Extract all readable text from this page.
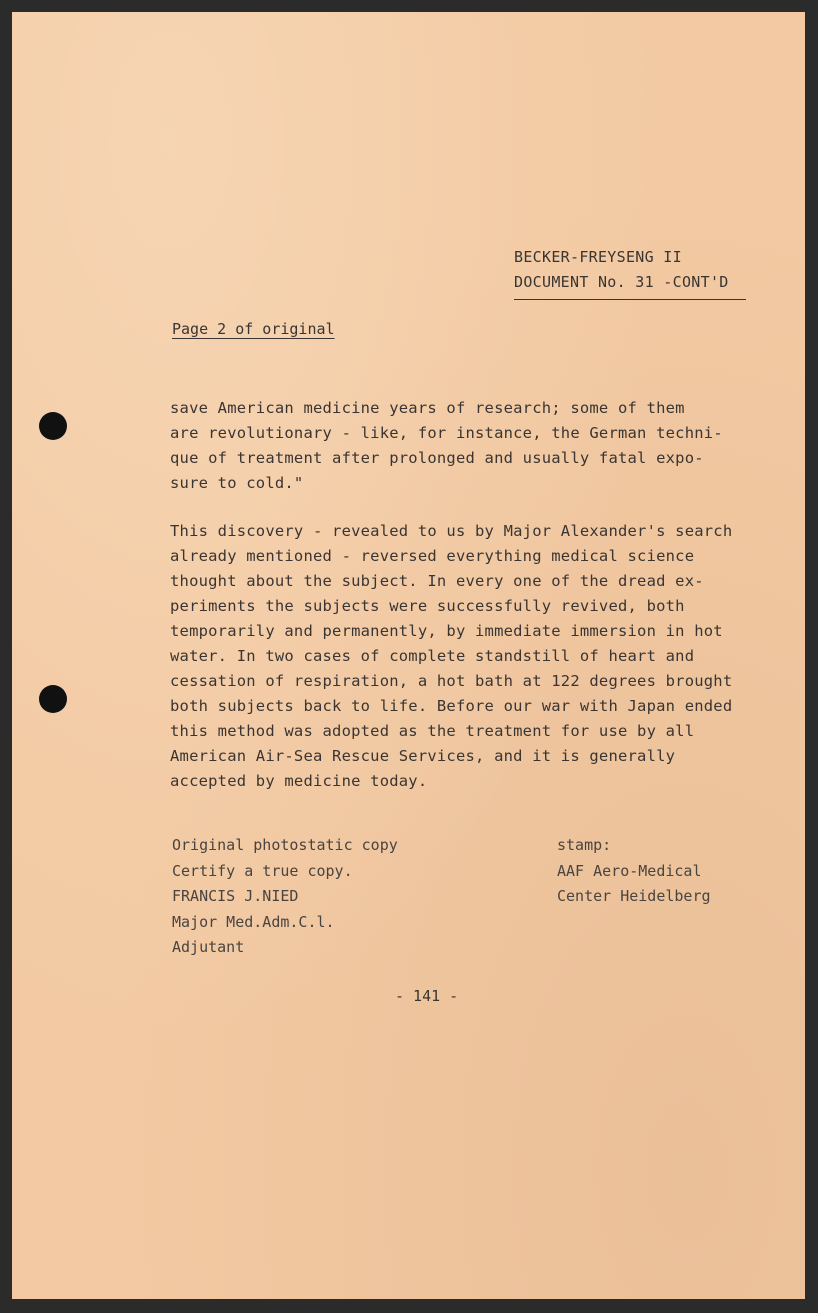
BECKER-FREYSENG II
DOCUMENT No. 31 -CONT'D
Page 2 of original
save American medicine years of research; some of them
are revolutionary - like, for instance, the German techni-
que of treatment after prolonged and usually fatal expo-
sure to cold."
This discovery - revealed to us by Major Alexander's search
already mentioned - reversed everything medical science
thought about the subject. In every one of the dread ex-
periments the subjects were successfully revived, both
temporarily and permanently, by immediate immersion in hot
water. In two cases of complete standstill of heart and
cessation of respiration, a hot bath at 122 degrees brought
both subjects back to life. Before our war with Japan ended
this method was adopted as the treatment for use by all
American Air-Sea Rescue Services, and it is generally
accepted by medicine today.
Original photostatic copy
Certify a true copy.
FRANCIS J.NIED
Major Med.Adm.C.l.
Adjutant
stamp:
AAF Aero-Medical
Center Heidelberg
- 141 -
